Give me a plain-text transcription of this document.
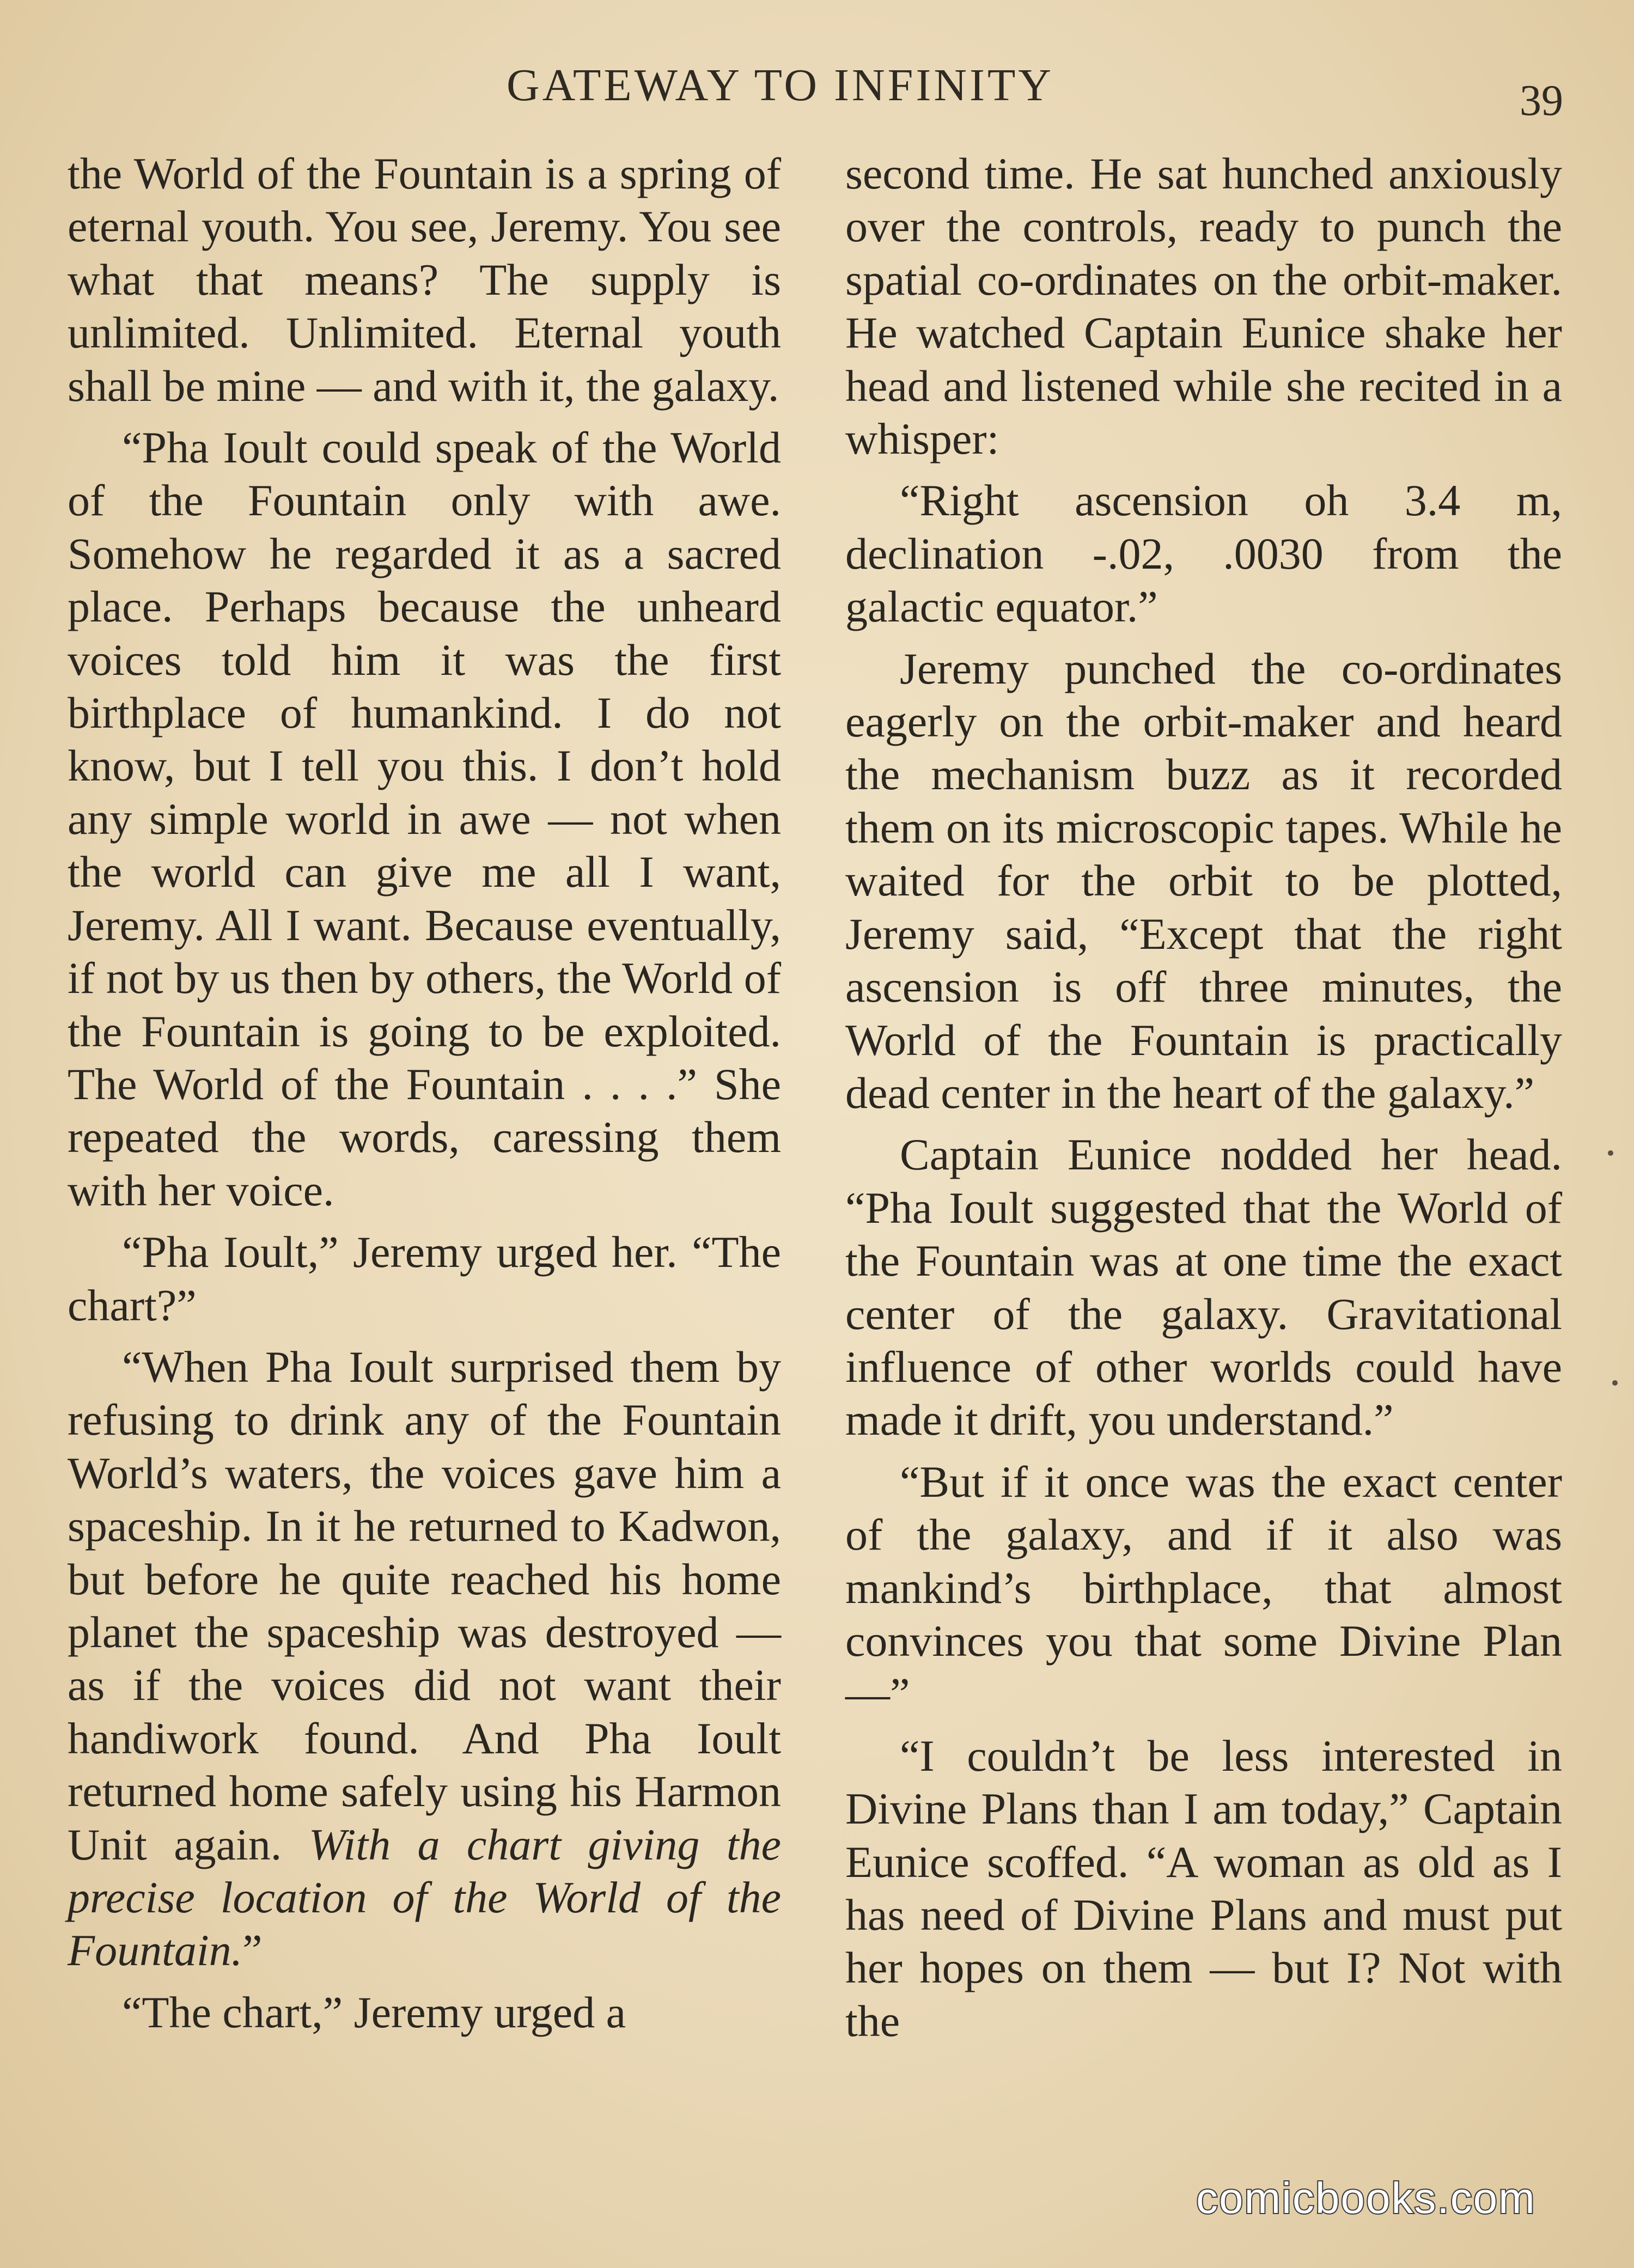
GATEWAY TO INFINITY	39

the World of the Fountain is a spring of eternal youth. You see, Jeremy. You see what that means? The supply is unlimited. Unlimited. Eternal youth shall be mine — and with it, the galaxy.

“Pha Ioult could speak of the World of the Fountain only with awe. Somehow he regarded it as a sacred place. Perhaps because the unheard voices told him it was the first birthplace of humankind. I do not know, but I tell you this. I don’t hold any simple world in awe — not when the world can give me all I want, Jeremy. All I want. Because eventually, if not by us then by others, the World of the Fountain is going to be exploited. The World of the Fountain . . . .” She repeated the words, caressing them with her voice.

“Pha Ioult,” Jeremy urged her. “The chart?”

“When Pha Ioult surprised them by refusing to drink any of the Fountain World’s waters, the voices gave him a spaceship. In it he returned to Kadwon, but before he quite reached his home planet the spaceship was destroyed — as if the voices did not want their handiwork found. And Pha Ioult returned home safely using his Harmon Unit again. With a chart giving the precise location of the World of the Fountain.”

“The chart,” Jeremy urged a

second time. He sat hunched anxiously over the controls, ready to punch the spatial co-ordinates on the orbit-maker. He watched Captain Eunice shake her head and listened while she recited in a whisper:

“Right ascension oh 3.4 m, declination -.02, .0030 from the galactic equator.”

Jeremy punched the co-ordinates eagerly on the orbit-maker and heard the mechanism buzz as it recorded them on its microscopic tapes. While he waited for the orbit to be plotted, Jeremy said, “Except that the right ascension is off three minutes, the World of the Fountain is practically dead center in the heart of the galaxy.”

Captain Eunice nodded her head. “Pha Ioult suggested that the World of the Fountain was at one time the exact center of the galaxy. Gravitational influence of other worlds could have made it drift, you understand.”

“But if it once was the exact center of the galaxy, and if it also was mankind’s birthplace, that almost convinces you that some Divine Plan —”

“I couldn’t be less interested in Divine Plans than I am today,” Captain Eunice scoffed. “A woman as old as I has need of Divine Plans and must put her hopes on them — but I? Not with the

comicbooks.com
